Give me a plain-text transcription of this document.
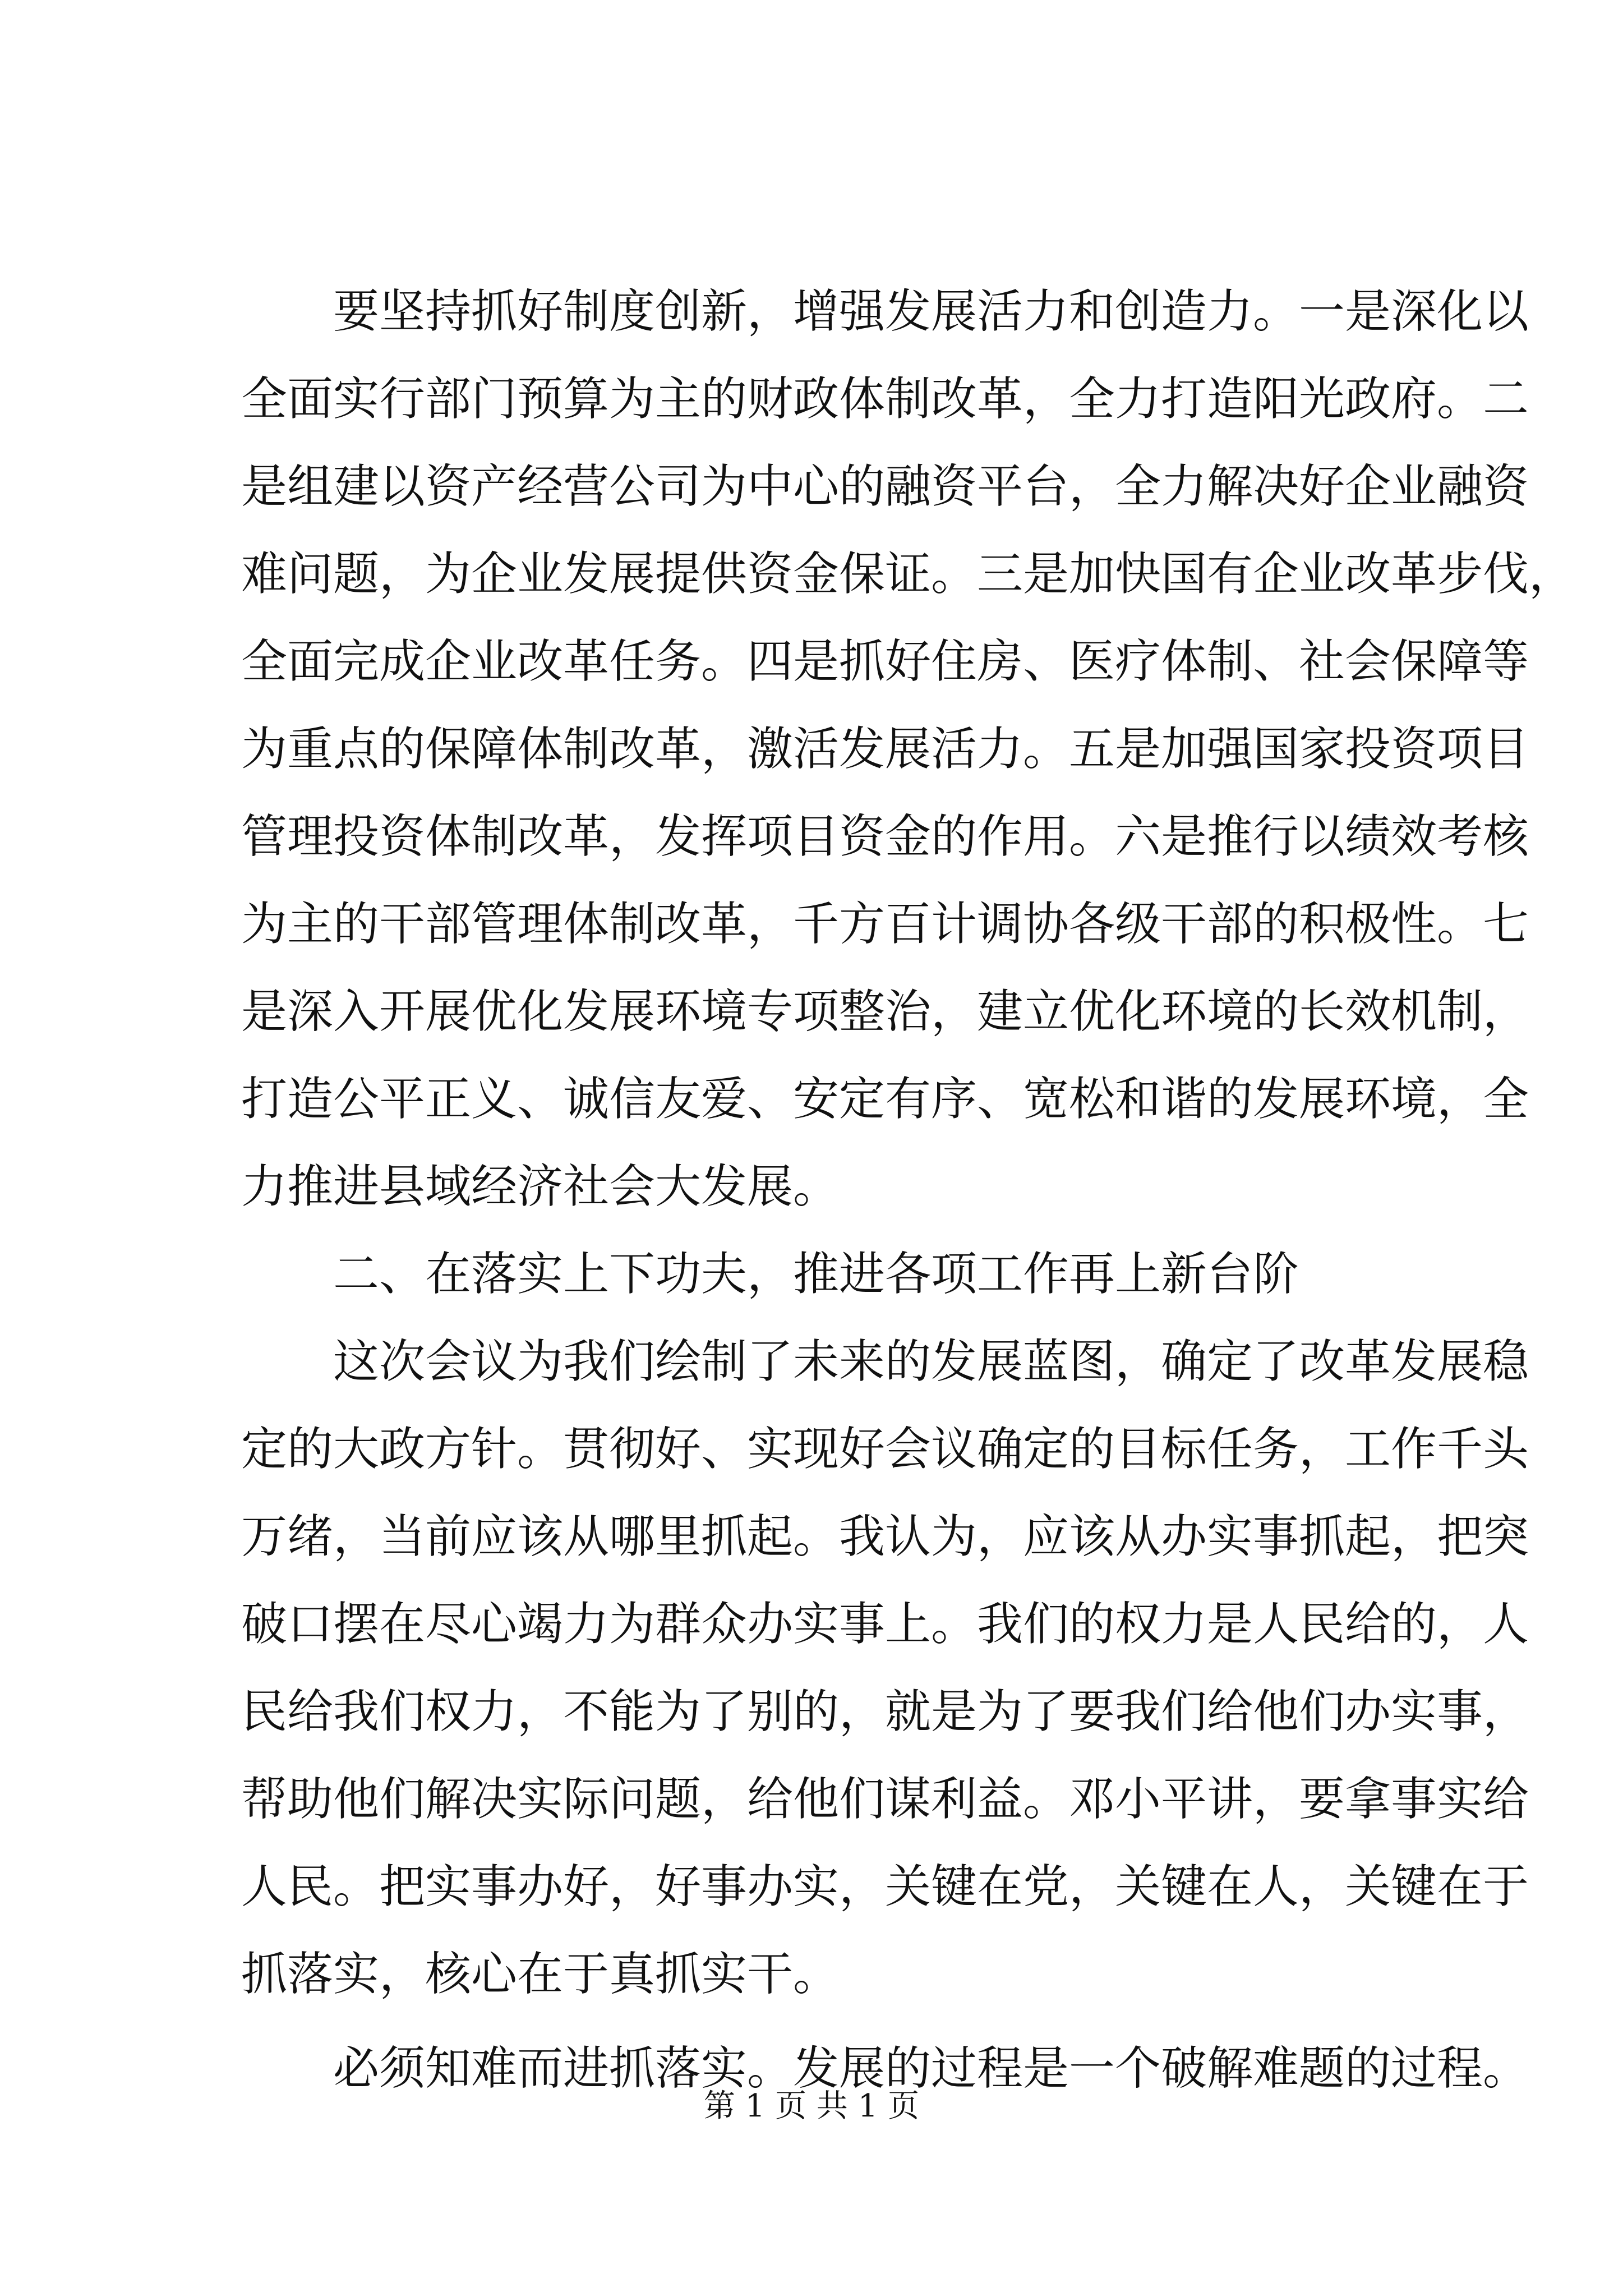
要坚持抓好制度创新，增强发展活力和创造力。一是深化以
全面实行部门预算为主的财政体制改革，全力打造阳光政府。二
是组建以资产经营公司为中心的融资平台，全力解决好企业融资
难问题，为企业发展提供资金保证。三是加快国有企业改革步伐，
全面完成企业改革任务。四是抓好住房、医疗体制、社会保障等
为重点的保障体制改革，激活发展活力。五是加强国家投资项目
管理投资体制改革，发挥项目资金的作用。六是推行以绩效考核
为主的干部管理体制改革，千方百计调协各级干部的积极性。七
是深入开展优化发展环境专项整治，建立优化环境的长效机制，
打造公平正义、诚信友爱、安定有序、宽松和谐的发展环境，全
力推进县域经济社会大发展。
二、在落实上下功夫，推进各项工作再上新台阶
这次会议为我们绘制了未来的发展蓝图，确定了改革发展稳
定的大政方针。贯彻好、实现好会议确定的目标任务，工作千头
万绪，当前应该从哪里抓起。我认为，应该从办实事抓起，把突
破口摆在尽心竭力为群众办实事上。我们的权力是人民给的，人
民给我们权力，不能为了别的，就是为了要我们给他们办实事，
帮助他们解决实际问题，给他们谋利益。邓小平讲，要拿事实给
人民。把实事办好，好事办实，关键在党，关键在人，关键在于
抓落实，核心在于真抓实干。
必须知难而进抓落实。发展的过程是一个破解难题的过程。
第 1 页 共 1 页
